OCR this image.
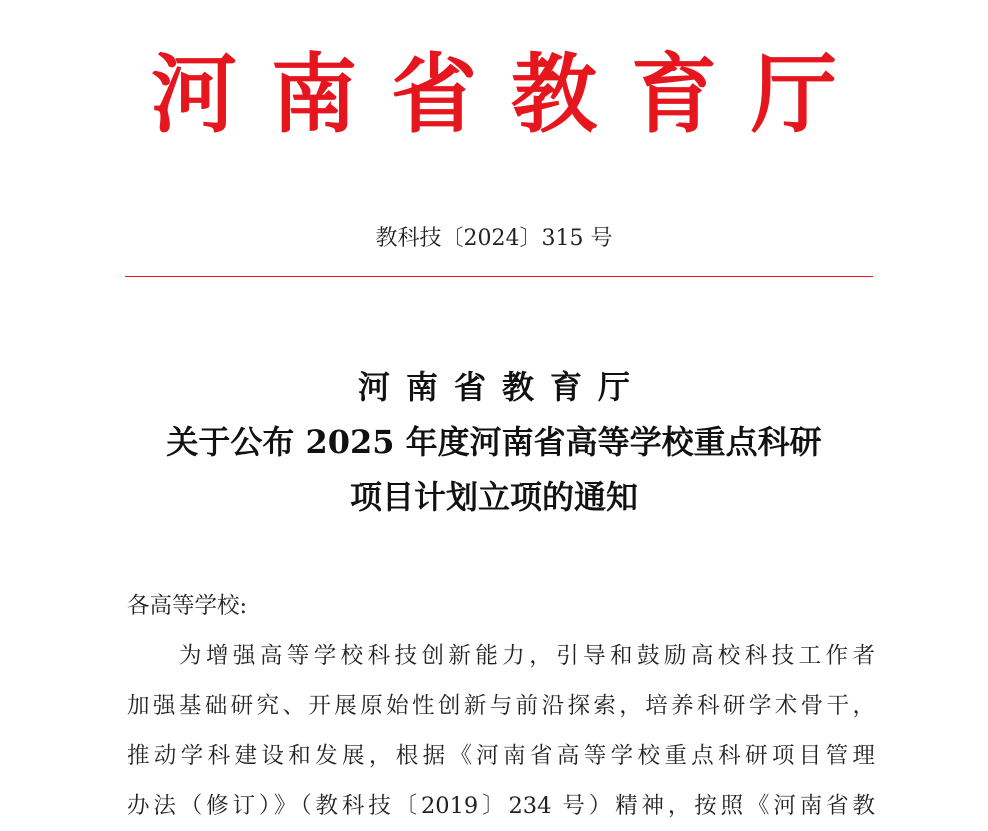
河南省教育厅
教科技〔2024〕315 号
河南省教育厅
关于公布 2025 年度河南省高等学校重点科研
项目计划立项的通知
各高等学校:
为增强高等学校科技创新能力，引导和鼓励高校科技工作者
加强基础研究、开展原始性创新与前沿探索，培养科研学术骨干，
推动学科建设和发展，根据《河南省高等学校重点科研项目管理
办法（修订）》（教科技〔2019〕234 号）精神，按照《河南省教
